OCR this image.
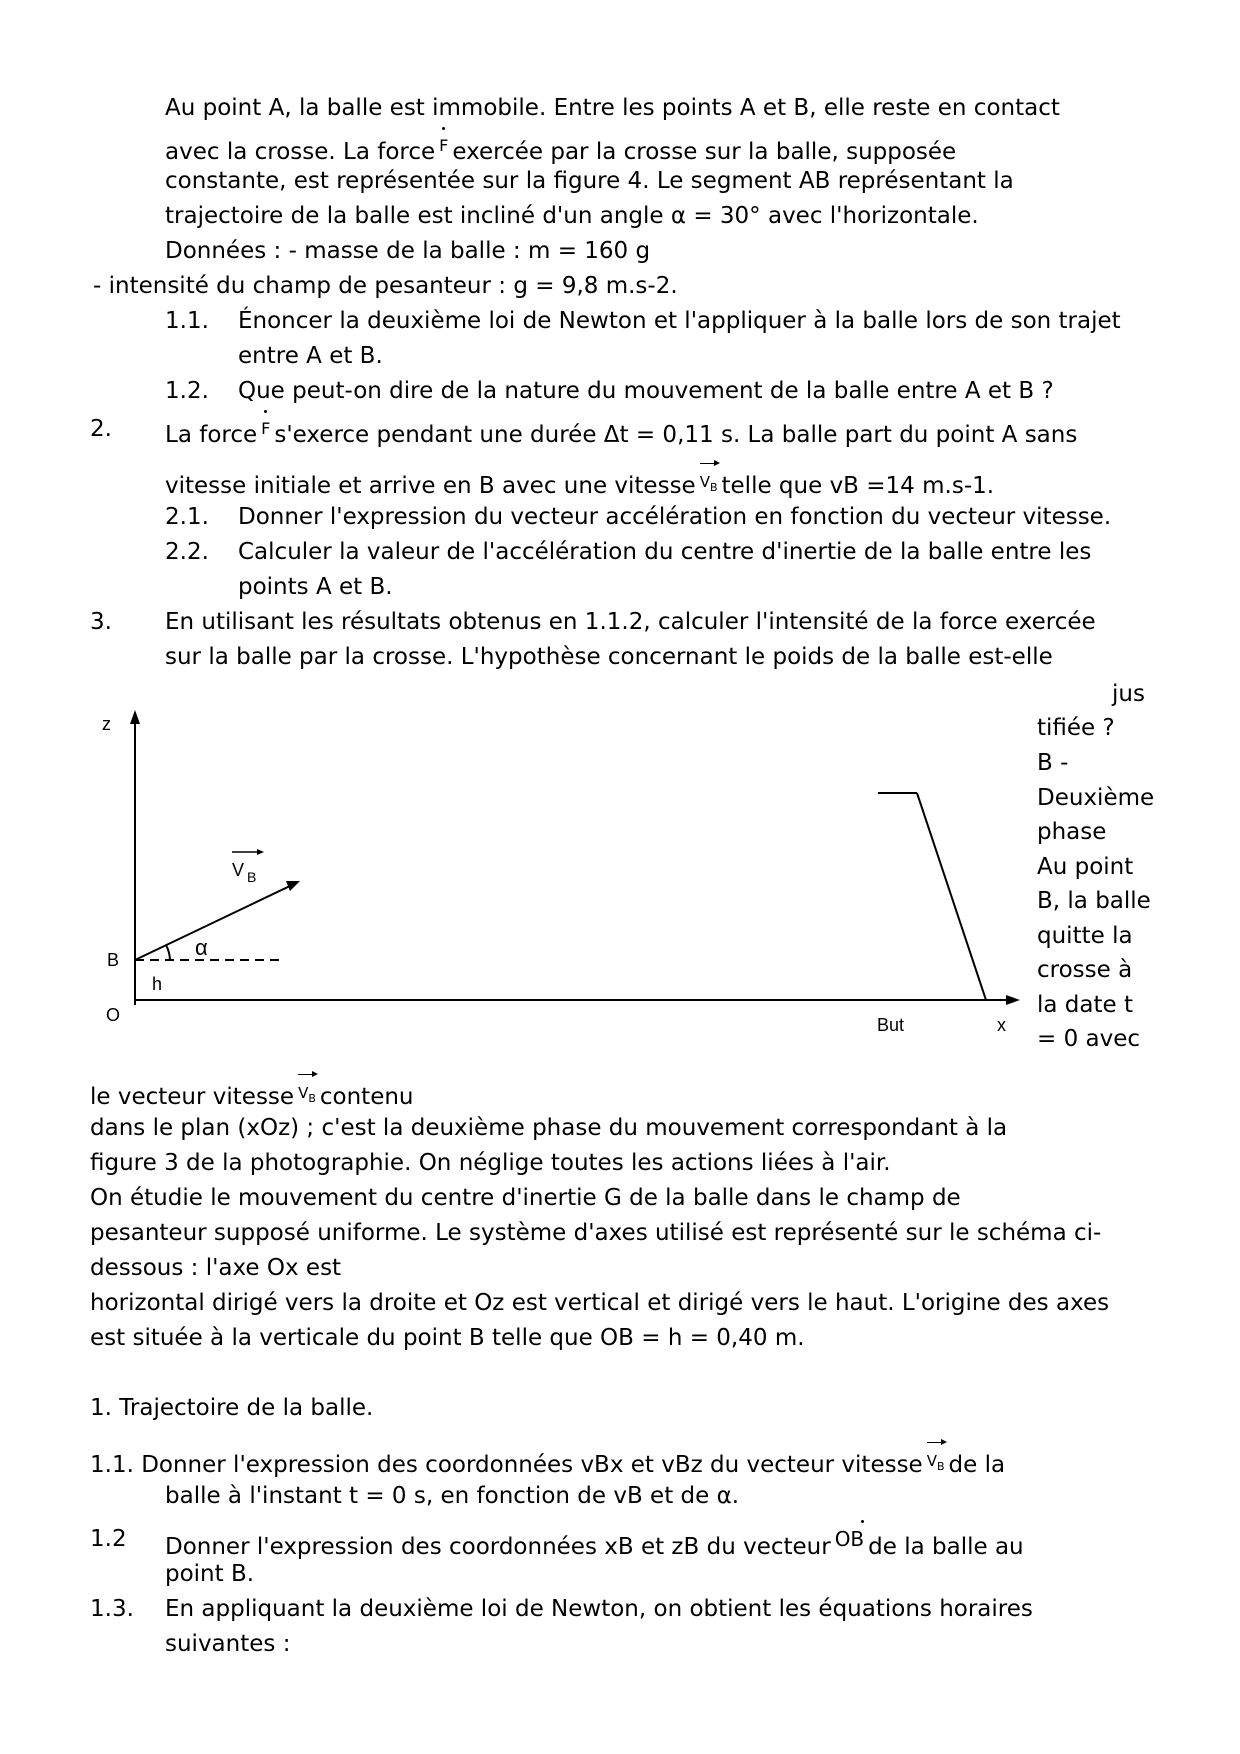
Au point A, la balle est immobile. Entre les points A et B, elle reste en contact
avec la crosse. La force F exercée par la crosse sur la balle, supposée
constante, est représentée sur la figure 4. Le segment AB représentant la
trajectoire de la balle est incliné d'un angle α = 30° avec l'horizontale.
Données : - masse de la balle : m = 160 g
- intensité du champ de pesanteur : g = 9,8 m.s-2.
1.1. Énoncer la deuxième loi de Newton et l'appliquer à la balle lors de son trajet
entre A et B.
1.2. Que peut-on dire de la nature du mouvement de la balle entre A et B ?
2. La force F s'exerce pendant une durée Δt = 0,11 s. La balle part du point A sans
vitesse initiale et arrive en B avec une vitesse $V_B$ telle que vB =14 m.s-1.
2.1. Donner l'expression du vecteur accélération en fonction du vecteur vitesse.
2.2. Calculer la valeur de l'accélération du centre d'inertie de la balle entre les
points A et B.
3. En utilisant les résultats obtenus en 1.1.2, calculer l'intensité de la force exercée
sur la balle par la crosse. L'hypothèse concernant le poids de la balle est-elle
jus
tifiée ?
B -
Deuxième
phase
Au point
B, la balle
quitte la
crosse à
la date t
= 0 avec
z
O
B
h
α
But	x
V B
le vecteur vitesse $V_B$ contenu
dans le plan (xOz) ; c'est la deuxième phase du mouvement correspondant à la
figure 3 de la photographie. On néglige toutes les actions liées à l'air.
On étudie le mouvement du centre d'inertie G de la balle dans le champ de
pesanteur supposé uniforme. Le système d'axes utilisé est représenté sur le schéma ci-
dessous : l'axe Ox est
horizontal dirigé vers la droite et Oz est vertical et dirigé vers le haut. L'origine des axes
est située à la verticale du point B telle que OB = h = 0,40 m.
1. Trajectoire de la balle.
1.1. Donner l'expression des coordonnées vBx et vBz du vecteur vitesse $V_B$ de la
balle à l'instant t = 0 s, en fonction de vB et de α.
1.2 Donner l'expression des coordonnées xB et zB du vecteur OB de la balle au
point B.
1.3. En appliquant la deuxième loi de Newton, on obtient les équations horaires
suivantes :
